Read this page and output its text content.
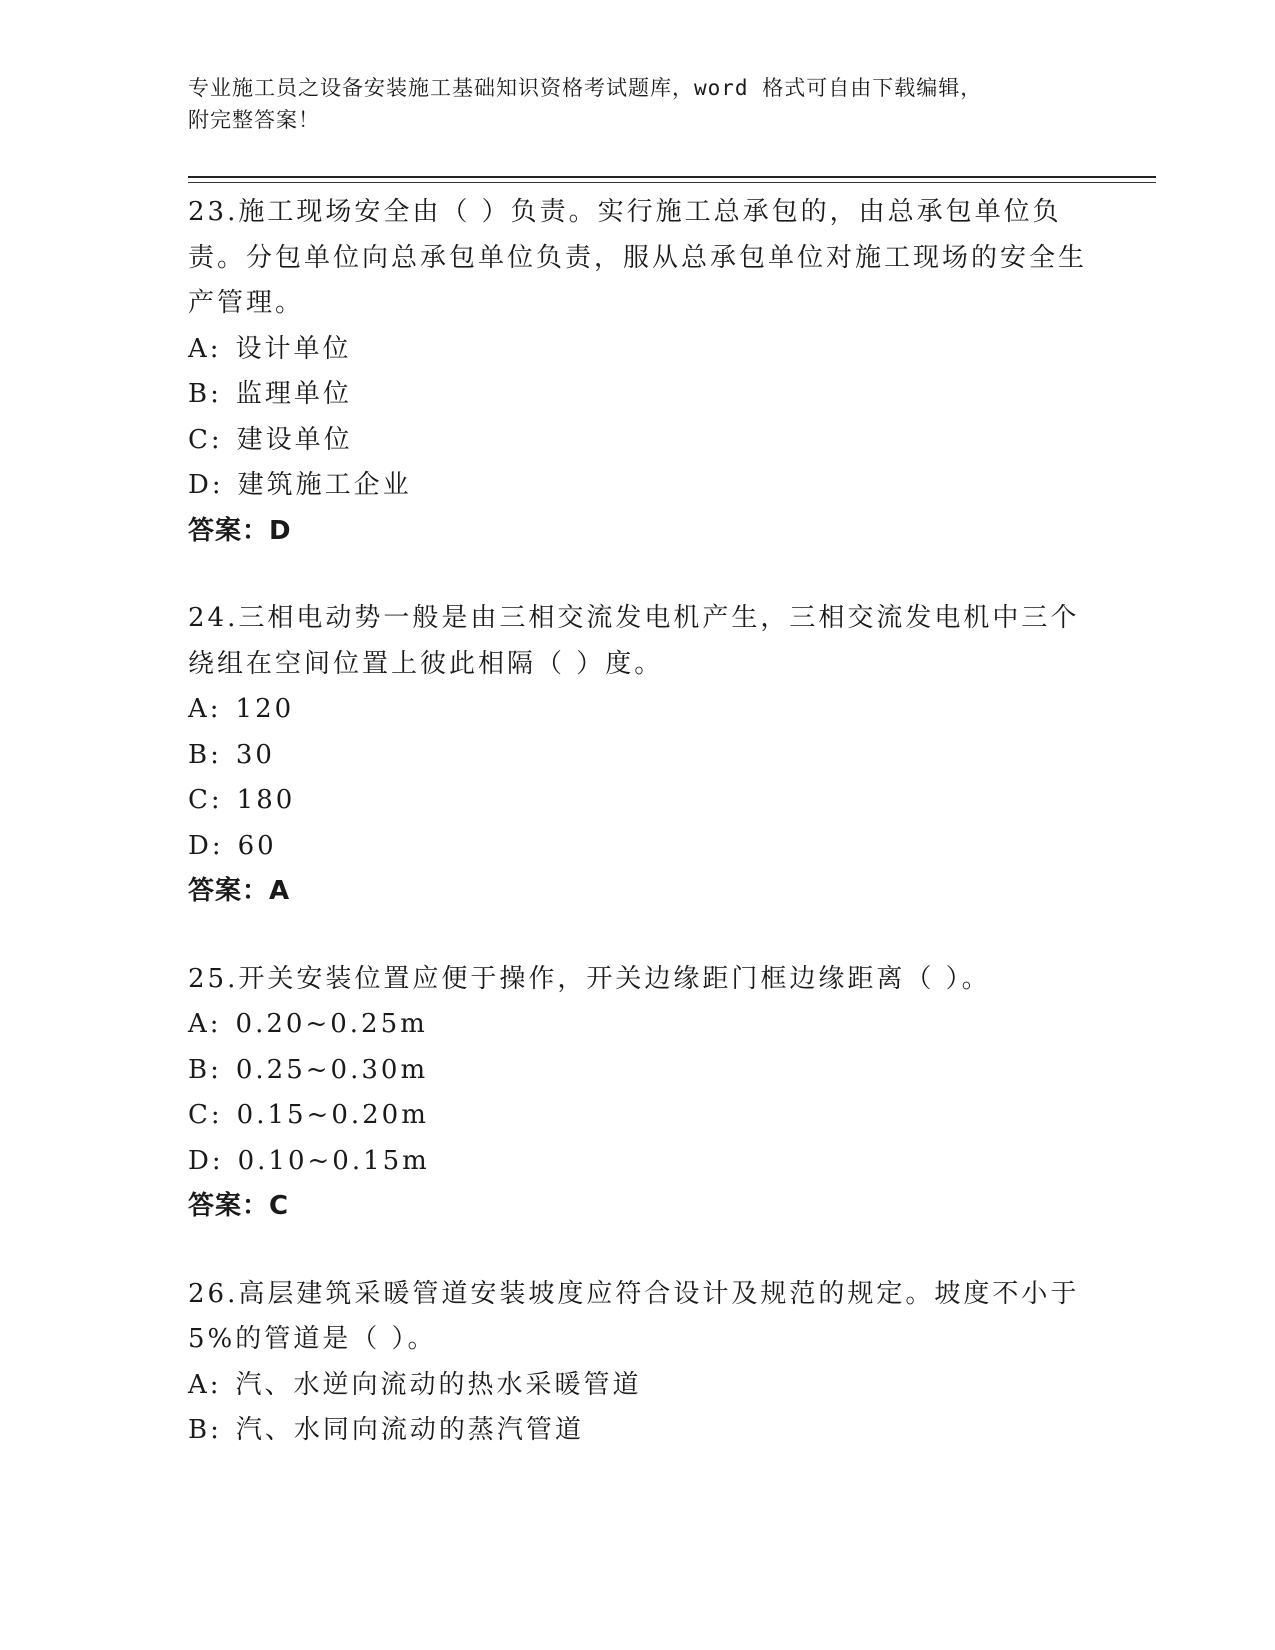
专业施工员之设备安装施工基础知识资格考试题库，word 格式可自由下载编辑，
附完整答案！
23.施工现场安全由（ ）负责。实行施工总承包的，由总承包单位负责。分包单位向总承包单位负责，服从总承包单位对施工现场的安全生产管理。
A: 设计单位
B: 监理单位
C: 建设单位
D: 建筑施工企业
答案：D
24.三相电动势一般是由三相交流发电机产生，三相交流发电机中三个绕组在空间位置上彼此相隔（ ）度。
A: 120
B: 30
C: 180
D: 60
答案：A
25.开关安装位置应便于操作，开关边缘距门框边缘距离（ ）。
A: 0.20~0.25m
B: 0.25~0.30m
C: 0.15~0.20m
D: 0.10~0.15m
答案：C
26.高层建筑采暖管道安装坡度应符合设计及规范的规定。坡度不小于5%的管道是（ ）。
A: 汽、水逆向流动的热水采暖管道
B: 汽、水同向流动的蒸汽管道
